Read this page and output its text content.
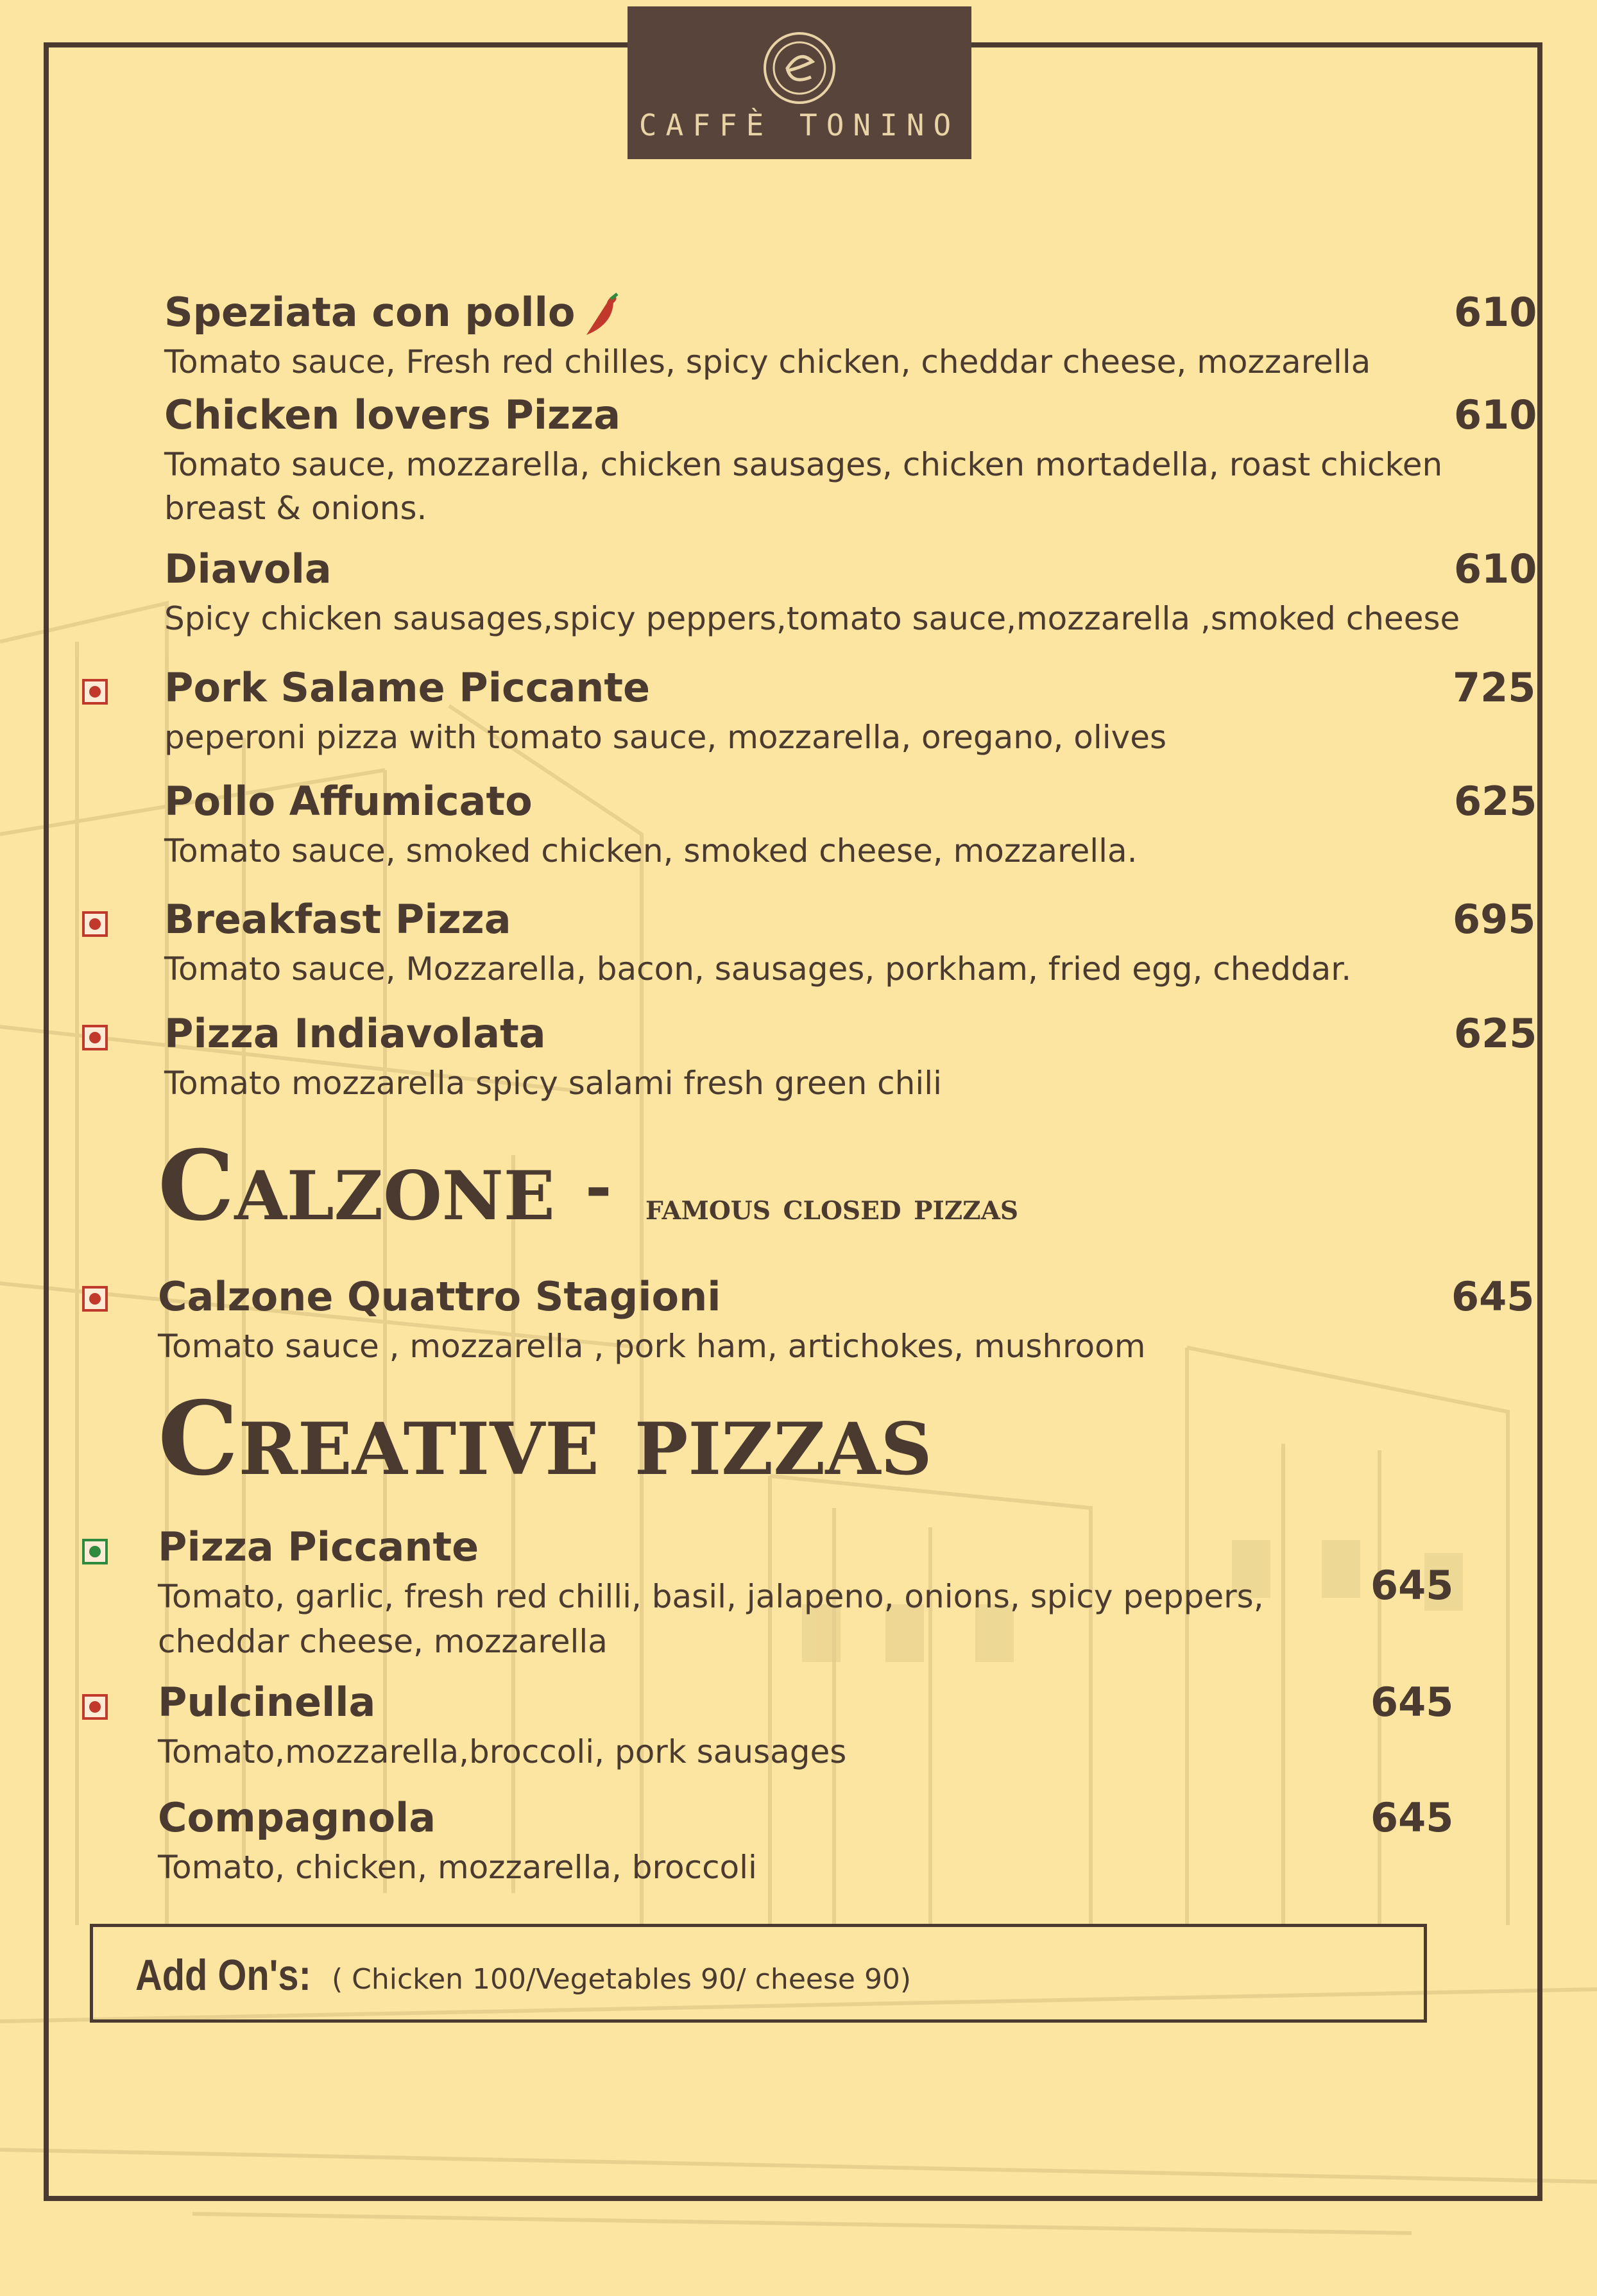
CAFFÈ TONINO
Speziata con pollo
Tomato sauce, Fresh red chilles, spicy chicken, cheddar cheese, mozzarella
610
Chicken lovers Pizza
Tomato sauce, mozzarella, chicken sausages, chicken mortadella, roast chicken
breast & onions.
610
Diavola
Spicy chicken sausages,spicy peppers,tomato sauce,mozzarella ,smoked cheese
610
Pork Salame Piccante
peperoni pizza with tomato sauce, mozzarella, oregano, olives
725
Pollo Affumicato
Tomato sauce, smoked chicken, smoked cheese, mozzarella.
625
Breakfast Pizza
Tomato sauce, Mozzarella, bacon, sausages, porkham, fried egg, cheddar.
695
Pizza Indiavolata
Tomato mozzarella spicy salami fresh green chili
625
Calzone - famous closed pizzas
Calzone Quattro Stagioni
Tomato sauce , mozzarella , pork ham, artichokes, mushroom
645
Creative pizzas
Pizza Piccante
Tomato, garlic, fresh red chilli, basil, jalapeno, onions, spicy peppers,
cheddar cheese, mozzarella
645
Pulcinella
Tomato,mozzarella,broccoli, pork sausages
645
Compagnola
Tomato, chicken, mozzarella, broccoli
645
Add On's: ( Chicken 100/Vegetables 90/ cheese 90)
